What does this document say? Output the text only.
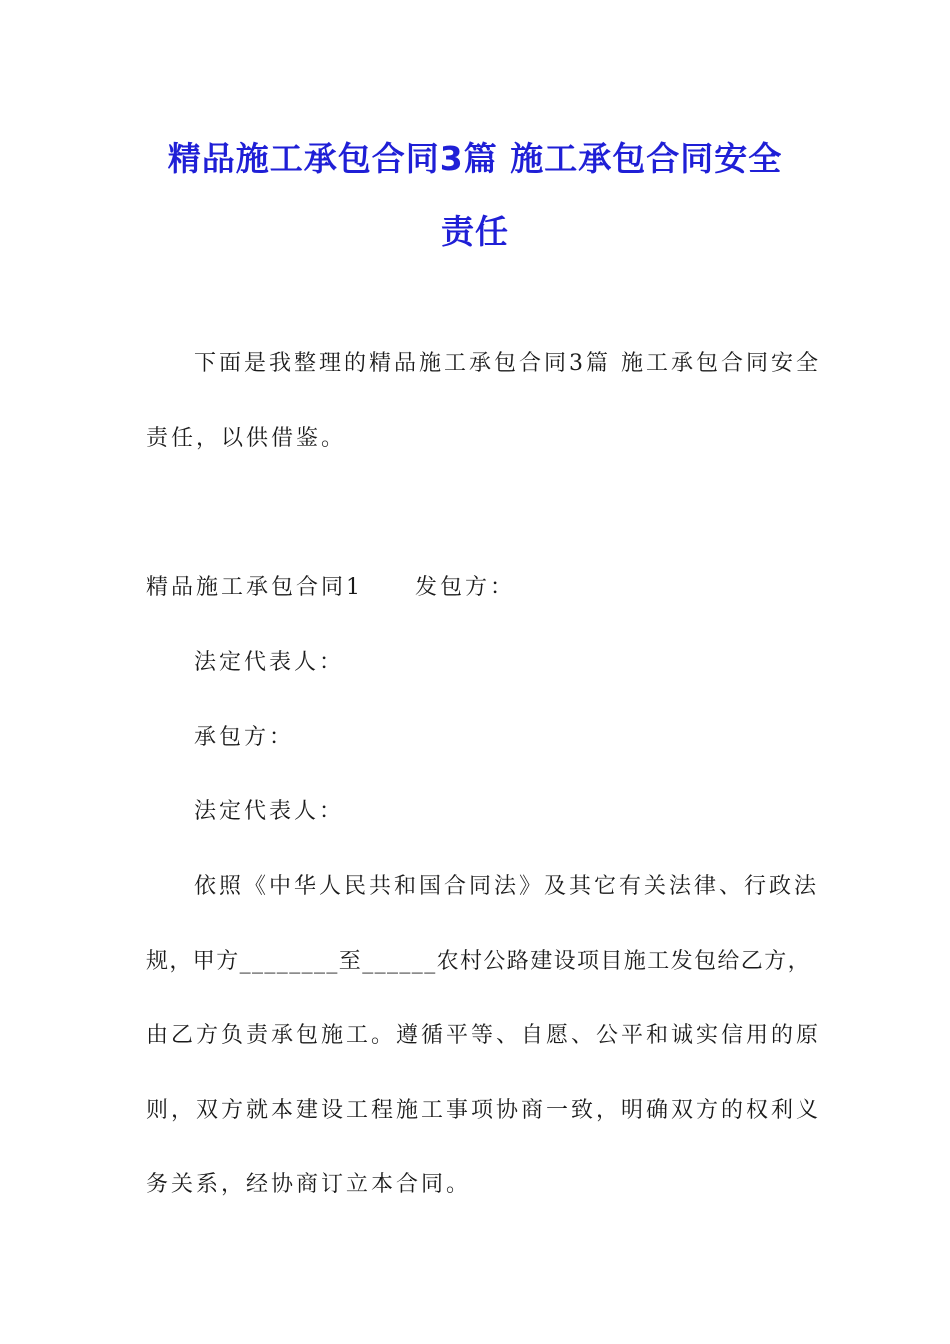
精品施工承包合同3篇 施工承包合同安全
责任

下面是我整理的精品施工承包合同3篇 施工承包合同安全

责任，以供借鉴。

精品施工承包合同1 发包方：

法定代表人：

承包方：

法定代表人：

依照《中华人民共和国合同法》及其它有关法律、行政法

规，甲方________至______农村公路建设项目施工发包给乙方，

由乙方负责承包施工。遵循平等、自愿、公平和诚实信用的原

则，双方就本建设工程施工事项协商一致，明确双方的权利义

务关系，经协商订立本合同。
